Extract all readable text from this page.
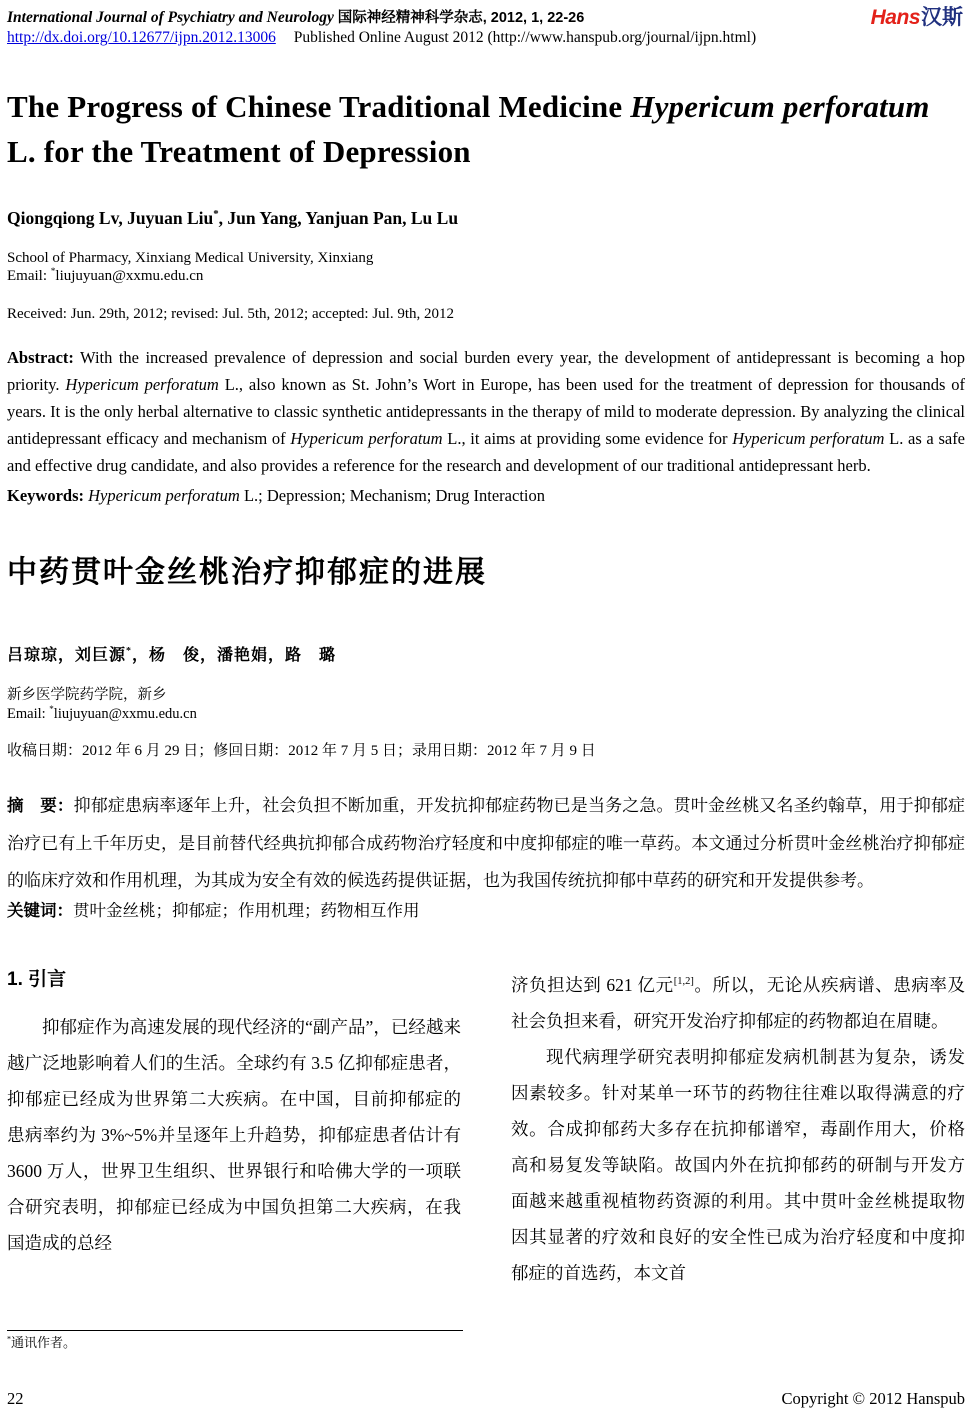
International Journal of Psychiatry and Neurology 国际神经精神科学杂志, 2012, 1, 22-26
http://dx.doi.org/10.12677/ijpn.2012.13006 Published Online August 2012 (http://www.hanspub.org/journal/ijpn.html)
Hans汉斯
The Progress of Chinese Traditional Medicine Hypericum perforatum L. for the Treatment of Depression
Qiongqiong Lv, Juyuan Liu*, Jun Yang, Yanjuan Pan, Lu Lu
School of Pharmacy, Xinxiang Medical University, Xinxiang
Email: *liujuyuan@xxmu.edu.cn
Received: Jun. 29th, 2012; revised: Jul. 5th, 2012; accepted: Jul. 9th, 2012

Abstract: With the increased prevalence of depression and social burden every year, the development of antidepressant is becoming a hop priority. Hypericum perforatum L., also known as St. John’s Wort in Europe, has been used for the treatment of depression for thousands of years. It is the only herbal alternative to classic synthetic antidepressants in the therapy of mild to moderate depression. By analyzing the clinical antidepressant efficacy and mechanism of Hypericum perforatum L., it aims at providing some evidence for Hypericum perforatum L. as a safe and effective drug candidate, and also provides a reference for the research and development of our traditional antidepressant herb.

Keywords: Hypericum perforatum L.; Depression; Mechanism; Drug Interaction

中药贯叶金丝桃治疗抑郁症的进展
吕琼琼，刘巨源*，杨　俊，潘艳娟，路　璐
新乡医学院药学院，新乡
Email: *liujuyuan@xxmu.edu.cn
收稿日期：2012 年 6 月 29 日；修回日期：2012 年 7 月 5 日；录用日期：2012 年 7 月 9 日

摘　要：抑郁症患病率逐年上升，社会负担不断加重，开发抗抑郁症药物已是当务之急。贯叶金丝桃又名圣约翰草，用于抑郁症治疗已有上千年历史，是目前替代经典抗抑郁合成药物治疗轻度和中度抑郁症的唯一草药。本文通过分析贯叶金丝桃治疗抑郁症的临床疗效和作用机理，为其成为安全有效的候选药提供证据，也为我国传统抗抑郁中草药的研究和开发提供参考。

关键词：贯叶金丝桃；抑郁症；作用机理；药物相互作用

1. 引言

抑郁症作为高速发展的现代经济的“副产品”，已经越来越广泛地影响着人们的生活。全球约有 3.5 亿抑郁症患者，抑郁症已经成为世界第二大疾病。在中国，目前抑郁症的患病率约为 3%~5%并呈逐年上升趋势，抑郁症患者估计有 3600 万人，世界卫生组织、世界银行和哈佛大学的一项联合研究表明，抑郁症已经成为中国负担第二大疾病，在我国造成的总经

济负担达到 621 亿元[1,2]。所以，无论从疾病谱、患病率及社会负担来看，研究开发治疗抑郁症的药物都迫在眉睫。

现代病理学研究表明抑郁症发病机制甚为复杂，诱发因素较多。针对某单一环节的药物往往难以取得满意的疗效。合成抑郁药大多存在抗抑郁谱窄，毒副作用大，价格高和易复发等缺陷。故国内外在抗抑郁药的研制与开发方面越来越重视植物药资源的利用。其中贯叶金丝桃提取物因其显著的疗效和良好的安全性已成为治疗轻度和中度抑郁症的首选药，本文首

*通讯作者。
22	Copyright © 2012 Hanspub
